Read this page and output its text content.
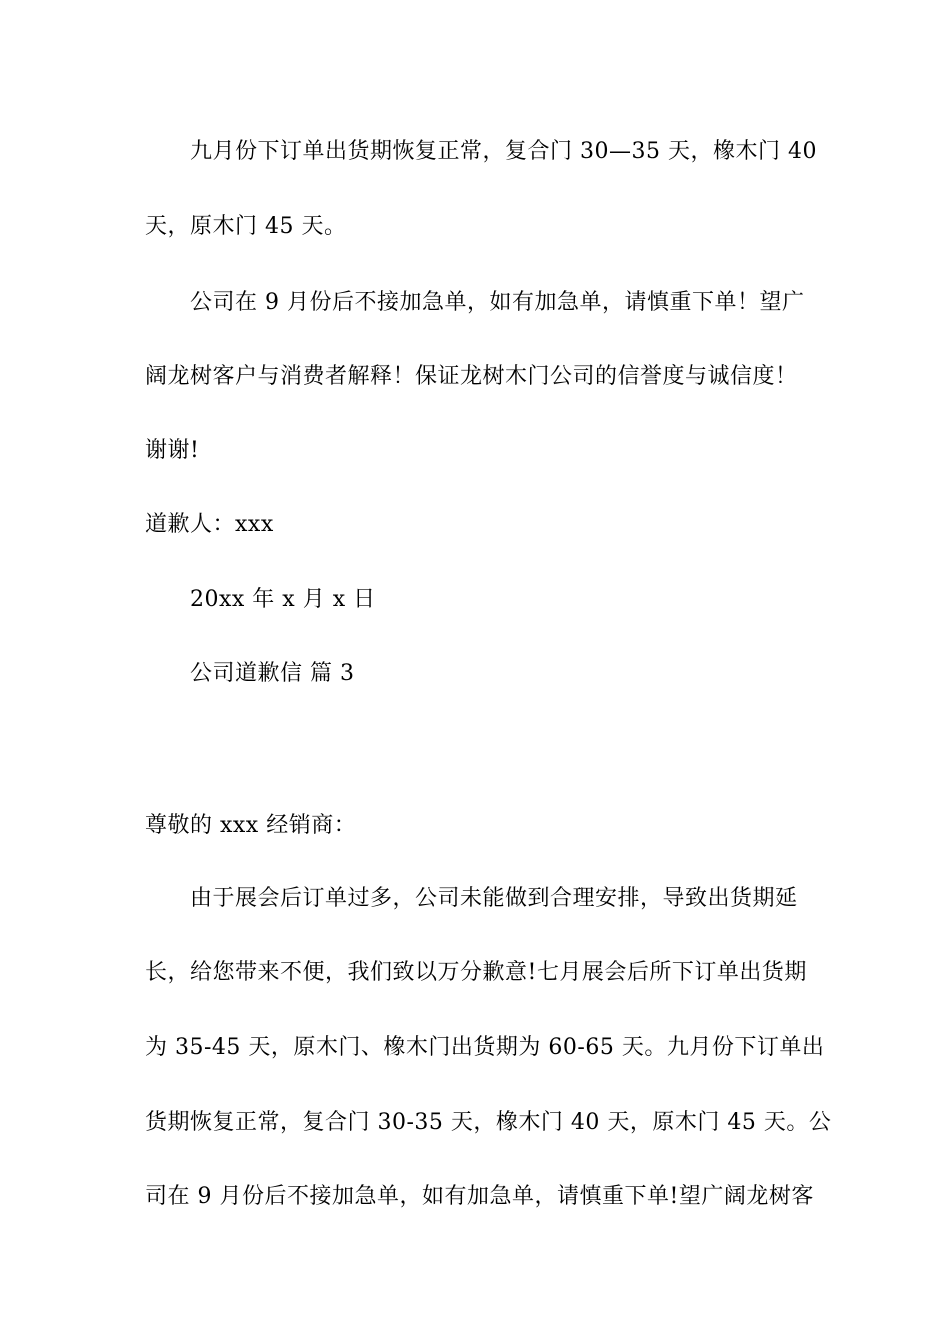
九月份下订单出货期恢复正常，复合门 30—35 天，橡木门 40
天，原木门 45 天。
公司在 9 月份后不接加急单，如有加急单，请慎重下单！望广
阔龙树客户与消费者解释！保证龙树木门公司的信誉度与诚信度！
谢谢!
道歉人：xxx
20xx 年 x 月 x 日
公司道歉信 篇 3
尊敬的 xxx 经销商：
由于展会后订单过多，公司未能做到合理安排，导致出货期延
长，给您带来不便，我们致以万分歉意!七月展会后所下订单出货期
为 35-45 天，原木门、橡木门出货期为 60-65 天。九月份下订单出
货期恢复正常，复合门 30-35 天，橡木门 40 天，原木门 45 天。公
司在 9 月份后不接加急单，如有加急单，请慎重下单!望广阔龙树客
